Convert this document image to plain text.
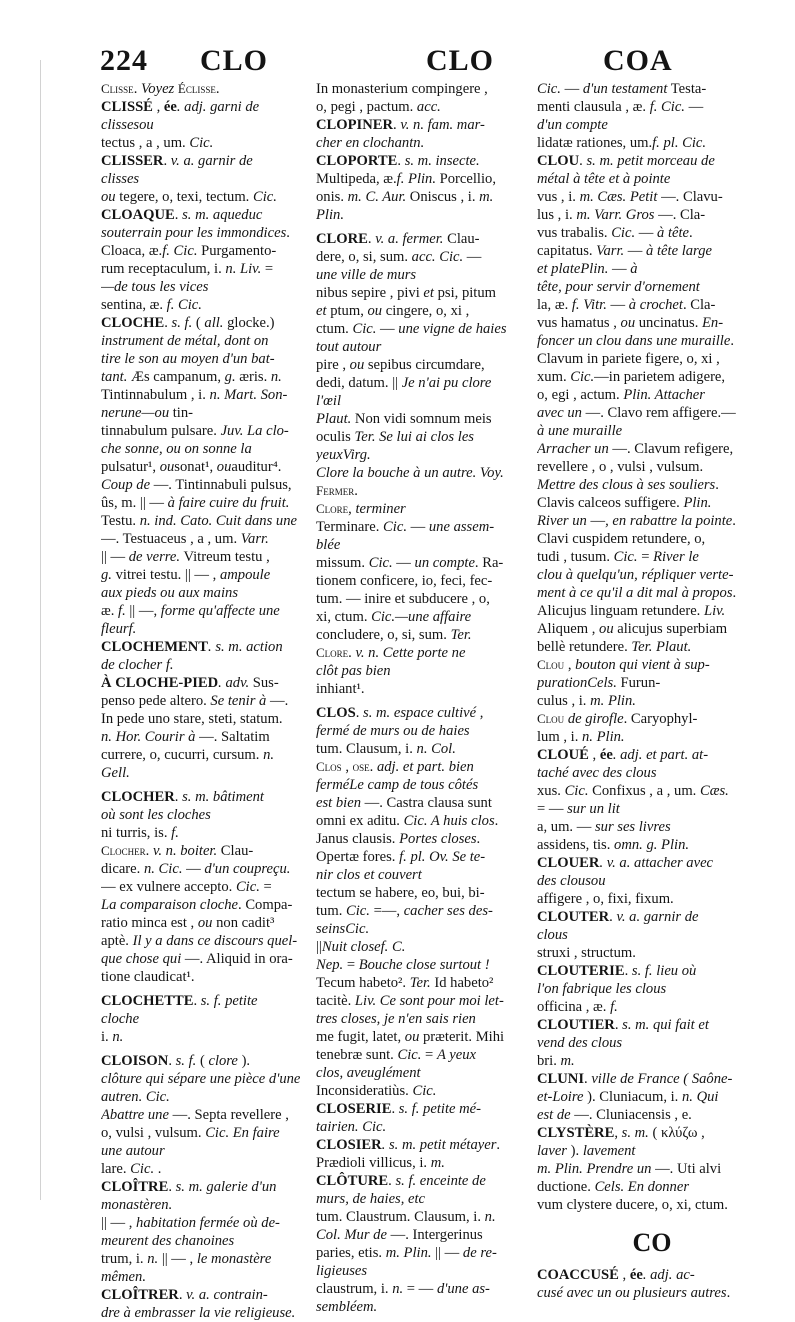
224 CLO	CLO	COA
Clisse. Voyez Éclisse.
CLISSÉ , ée. adj. garni de
clissesou
tectus , a , um. Cic.
CLISSER. v. a. garnir de
clisses
ou tegere, o, texi, tectum. Cic.
CLOAQUE. s. m. aqueduc
souterrain pour les immondices.
Cloaca, æ.f. Cic. Purgamento-
rum receptaculum, i. n. Liv. =
—de tous les vices
sentina, æ. f. Cic.
CLOCHE. s. f. ( all. glocke.)
instrument de métal, dont on
tire le son au moyen d'un bat-
tant. Æs campanum, g. æris. n.
Tintinnabulum , i. n. Mart. Son-
nerune—ou tin-
tinnabulum pulsare. Juv. La clo-
che sonne, ou on sonne la
pulsatur¹, ousonat¹, ouauditur⁴.
Coup de —. Tintinnabuli pulsus,
ûs, m. || — à faire cuire du fruit.
Testu. n. ind. Cato. Cuit dans une
—. Testuaceus , a , um. Varr.
|| — de verre. Vitreum testu ,
g. vitrei testu. || — , ampoule
aux pieds ou aux mains
æ. f. || —, forme qu'affecte une
fleurf.
CLOCHEMENT. s. m. action
de clocher f.
À CLOCHE-PIED. adv. Sus-
penso pede altero. Se tenir à —.
In pede uno stare, steti, statum.
n. Hor. Courir à —. Saltatim
currere, o, cucurri, cursum. n.
Gell.
CLOCHER. s. m. bâtiment
où sont les cloches
ni turris, is. f.
Clocher. v. n. boiter. Clau-
dicare. n. Cic. — d'un coupreçu.
— ex vulnere accepto. Cic. =
La comparaison cloche. Compa-
ratio minca est , ou non cadit³
aptè. Il y a dans ce discours quel-
que chose qui —. Aliquid in ora-
tione claudicat¹.
CLOCHETTE. s. f. petite
cloche
i. n.
CLOISON. s. f. ( clore ).
clôture qui sépare une pièce d'une
autren. Cic.
Abattre une —. Septa revellere ,
o, vulsi , vulsum. Cic. En faire
une autour
lare. Cic. .
CLOÎTRE. s. m. galerie d'un
monastèren.
|| — , habitation fermée où de-
meurent des chanoines
trum, i. n. || — , le monastère
mêmen.
CLOÎTRER. v. a. contrain-
dre à embrasser la vie religieuse.
In monasterium compingere ,
o, pegi , pactum. acc.
CLOPINER. v. n. fam. mar-
cher en clochantn.
CLOPORTE. s. m. insecte.
Multipeda, æ.f. Plin. Porcellio,
onis. m. C. Aur. Oniscus , i. m.
Plin.
CLORE. v. a. fermer. Clau-
dere, o, si, sum. acc. Cic. —
une ville de murs
nibus sepire , pivi et psi, pitum
et ptum, ou cingere, o, xi ,
ctum. Cic. — une vigne de haies
tout autour
pire , ou sepibus circumdare,
dedi, datum. || Je n'ai pu clore
l'œil
Plaut. Non vidi somnum meis
oculis Ter. Se lui ai clos les
yeuxVirg.
Clore la bouche à un autre. Voy.
Fermer.
Clore, terminer
Terminare. Cic. — une assem-
blée
missum. Cic. — un compte. Ra-
tionem conficere, io, feci, fec-
tum. — inire et subducere , o,
xi, ctum. Cic.—une affaire
concludere, o, si, sum. Ter.
Clore. v. n. Cette porte ne
clôt pas bien
inhiant¹.
CLOS. s. m. espace cultivé ,
fermé de murs ou de haies
tum. Clausum, i. n. Col.
Clos , ose. adj. et part. bien
ferméLe camp de tous côtés
est bien —. Castra clausa sunt
omni ex aditu. Cic. A huis clos.
Janus clausis. Portes closes.
Opertæ fores. f. pl. Ov. Se te-
nir clos et couvert
tectum se habere, eo, bui, bi-
tum. Cic. =—, cacher ses des-
seinsCic.
||Nuit closef. C.
Nep. = Bouche close surtout !
Tecum habeto². Ter. Id habeto²
tacitè. Liv. Ce sont pour moi let-
tres closes, je n'en sais rien
me fugit, latet, ou præterit. Mihi
tenebræ sunt. Cic. = A yeux
clos, aveuglément
Inconsideratiùs. Cic.
CLOSERIE. s. f. petite mé-
tairien. Cic.
CLOSIER. s. m. petit métayer.
Prædioli villicus, i. m.
CLÔTURE. s. f. enceinte de
murs, de haies, etc
tum. Claustrum. Clausum, i. n.
Col. Mur de —. Intergerinus
paries, etis. m. Plin. || — de re-
ligieuses
claustrum, i. n. = — d'une as-
sembléem.
Cic. — d'un testament Testa-
menti clausula , æ. f. Cic. —
d'un compte
lidatæ rationes, um.f. pl. Cic.
CLOU. s. m. petit morceau de
métal à tête et à pointe
vus , i. m. Cæs. Petit —. Clavu-
lus , i. m. Varr. Gros —. Cla-
vus trabalis. Cic. — à tête.
capitatus. Varr. — à tête large
et platePlin. — à
tête, pour servir d'ornement
la, æ. f. Vitr. — à crochet. Cla-
vus hamatus , ou uncinatus. En-
foncer un clou dans une muraille.
Clavum in pariete figere, o, xi ,
xum. Cic.—in parietem adigere,
o, egi , actum. Plin. Attacher
avec un —. Clavo rem affigere.—
à une muraille
Arracher un —. Clavum refigere,
revellere , o , vulsi , vulsum.
Mettre des clous à ses souliers.
Clavis calceos suffigere. Plin.
River un —, en rabattre la pointe.
Clavi cuspidem retundere, o,
tudi , tusum. Cic. = River le
clou à quelqu'un, répliquer verte-
ment à ce qu'il a dit mal à propos.
Alicujus linguam retundere. Liv.
Aliquem , ou alicujus superbiam
bellè retundere. Ter. Plaut.
Clou , bouton qui vient à sup-
purationCels. Furun-
culus , i. m. Plin.
Clou de girofle. Caryophyl-
lum , i. n. Plin.
CLOUÉ , ée. adj. et part. at-
taché avec des clous
xus. Cic. Confixus , a , um. Cæs.
= — sur un lit
a, um. — sur ses livres
assidens, tis. omn. g. Plin.
CLOUER. v. a. attacher avec
des clousou
affigere , o, fixi, fixum.
CLOUTER. v. a. garnir de
clous
struxi , structum.
CLOUTERIE. s. f. lieu où
l'on fabrique les clous
officina , æ. f.
CLOUTIER. s. m. qui fait et
vend des clous
bri. m.
CLUNI. ville de France ( Saône-
et-Loire ). Cluniacum, i. n. Qui
est de —. Cluniacensis , e.
CLYSTÈRE, s. m. ( κλύζω ,
laver ). lavement
m. Plin. Prendre un —. Uti alvi
ductione. Cels. En donner
vum clystere ducere, o, xi, ctum.
CO
COACCUSÉ , ée. adj. ac-
cusé avec un ou plusieurs autres.
